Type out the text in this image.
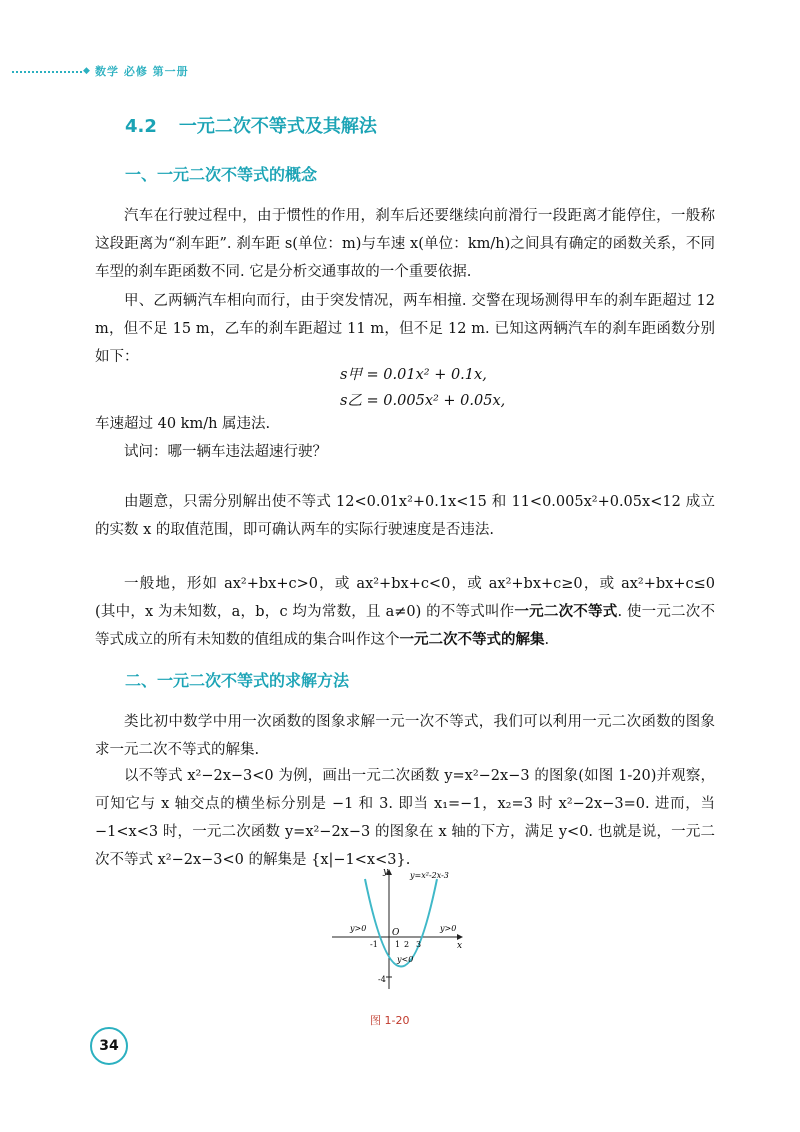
◆ 数学 必修 第一册
4.2 一元二次不等式及其解法
一、一元二次不等式的概念

汽车在行驶过程中，由于惯性的作用，刹车后还要继续向前滑行一段距离才能停住，一般称这段距离为“刹车距”. 刹车距 s(单位：m)与车速 x(单位：km/h)之间具有确定的函数关系，不同车型的刹车距函数不同. 它是分析交通事故的一个重要依据.

甲、乙两辆汽车相向而行，由于突发情况，两车相撞. 交警在现场测得甲车的刹车距超过 12 m，但不足 15 m，乙车的刹车距超过 11 m，但不足 12 m. 已知这两辆汽车的刹车距函数分别如下：

s甲 = 0.01x² + 0.1x,
s乙 = 0.005x² + 0.05x,

车速超过 40 km/h 属违法.

试问：哪一辆车违法超速行驶？

由题意，只需分别解出使不等式 12<0.01x²+0.1x<15 和 11<0.005x²+0.05x<12 成立的实数 x 的取值范围，即可确认两车的实际行驶速度是否违法.

一般地，形如 ax²+bx+c>0，或 ax²+bx+c<0，或 ax²+bx+c≥0，或 ax²+bx+c≤0 (其中，x 为未知数，a，b，c 均为常数，且 a≠0) 的不等式叫作一元二次不等式. 使一元二次不等式成立的所有未知数的值组成的集合叫作这个一元二次不等式的解集.

二、一元二次不等式的求解方法

类比初中数学中用一次函数的图象求解一元一次不等式，我们可以利用一元二次函数的图象求一元二次不等式的解集.

以不等式 x²−2x−3<0 为例，画出一元二次函数 y=x²−2x−3 的图象(如图 1-20)并观察，可知它与 x 轴交点的横坐标分别是 −1 和 3. 即当 x₁=−1，x₂=3 时 x²−2x−3=0. 进而，当 −1<x<3 时，一元二次函数 y=x²−2x−3 的图象在 x 轴的下方，满足 y<0. 也就是说，一元二次不等式 x²−2x−3<0 的解集是 {x|−1<x<3}.

y=x²-2x-3
x
y
O
-1 1 2 3
-4
y>0	y>0
y<0
图 1-20
34
